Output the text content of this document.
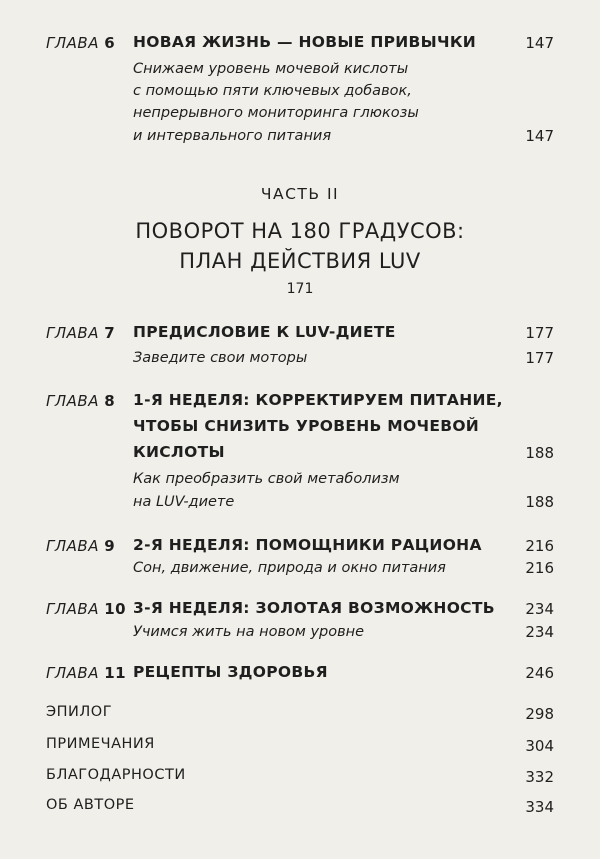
ГЛАВА 6 НОВАЯ ЖИЗНЬ — НОВЫЕ ПРИВЫЧКИ	147
Снижаем уровень мочевой кислоты
с помощью пяти ключевых добавок,
непрерывного мониторинга глюкозы
и интервального питания	147
ЧАСТЬ II
ПОВОРОТ НА 180 ГРАДУСОВ:
ПЛАН ДЕЙСТВИЯ LUV
171
ГЛАВА 7 ПРЕДИСЛОВИЕ К LUV-ДИЕТЕ	177
Заведите свои моторы	177
ГЛАВА 8 1-Я НЕДЕЛЯ: КОРРЕКТИРУЕМ ПИТАНИЕ,
ЧТОБЫ СНИЗИТЬ УРОВЕНЬ МОЧЕВОЙ
КИСЛОТЫ	188
Как преобразить свой метаболизм
на LUV-диете	188
ГЛАВА 9 2-Я НЕДЕЛЯ: ПОМОЩНИКИ РАЦИОНА	216
Сон, движение, природа и окно питания	216
ГЛАВА 10 3-Я НЕДЕЛЯ: ЗОЛОТАЯ ВОЗМОЖНОСТЬ 234
Учимся жить на новом уровне	234
ГЛАВА 11 РЕЦЕПТЫ ЗДОРОВЬЯ	246
ЭПИЛОГ	298
ПРИМЕЧАНИЯ	304
БЛАГОДАРНОСТИ	332
ОБ АВТОРЕ	334
